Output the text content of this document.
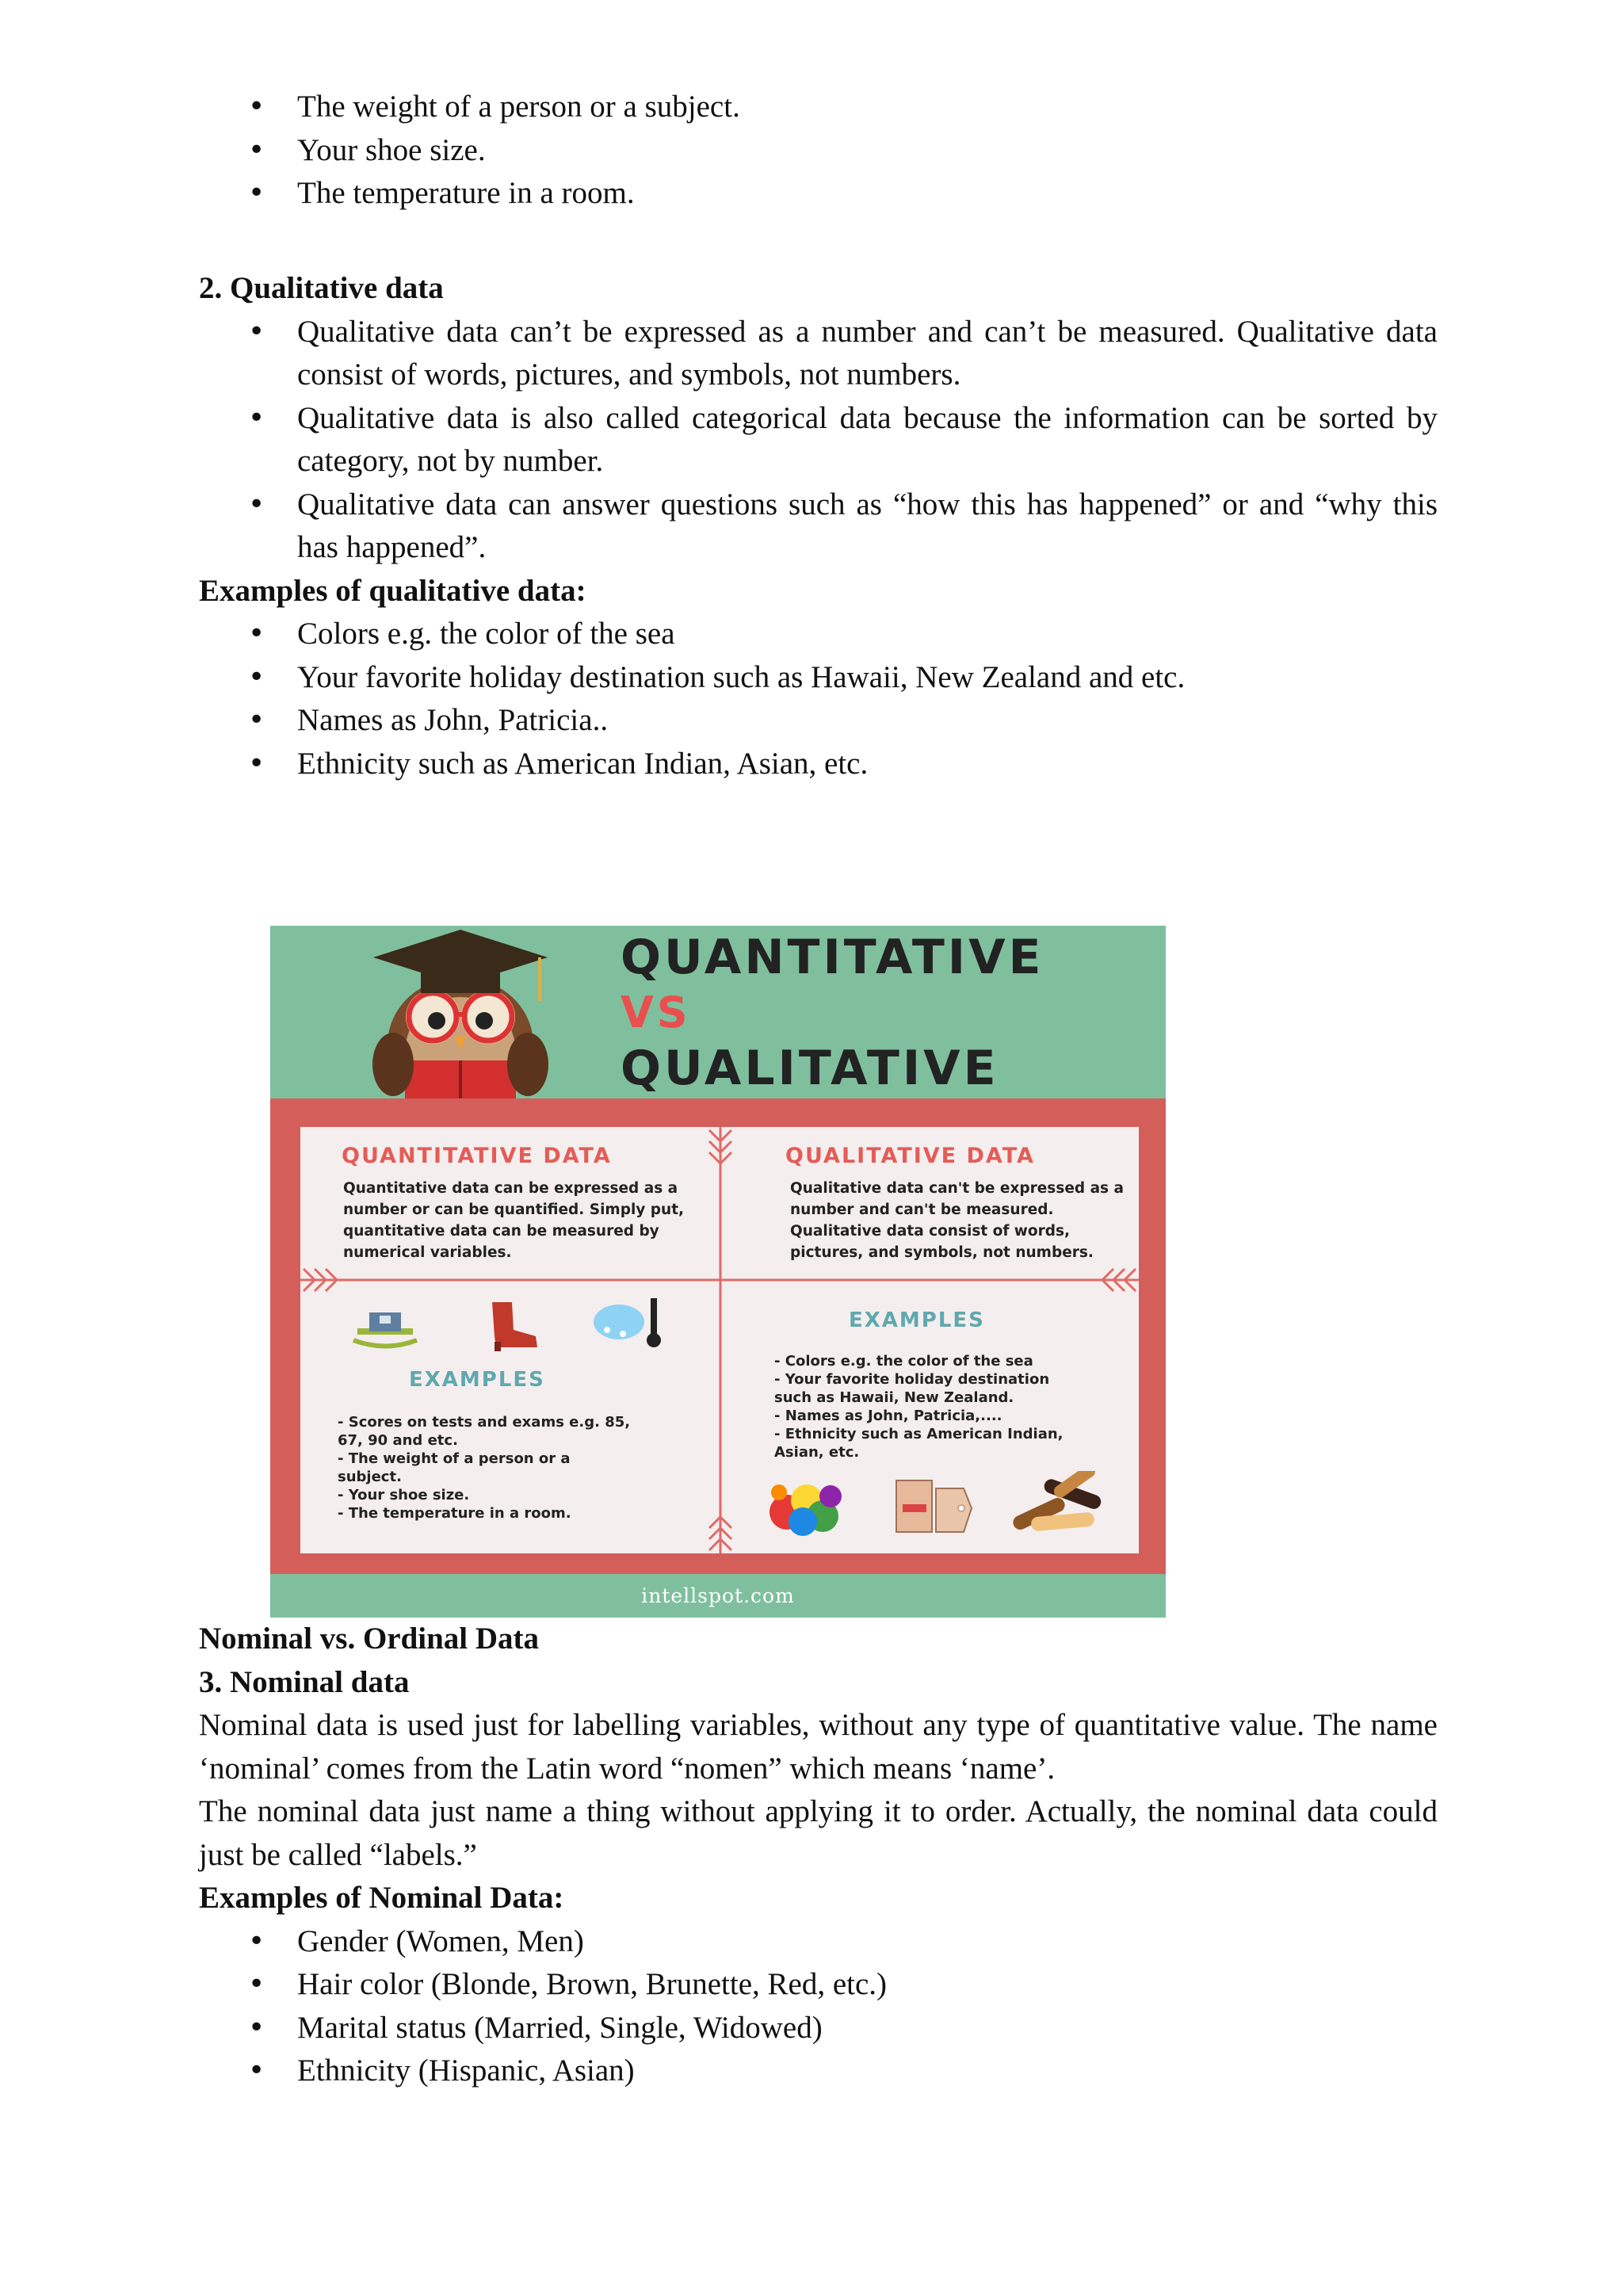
• The weight of a person or a subject.
• Your shoe size.
• The temperature in a room.

2. Qualitative data

• Qualitative data can’t be expressed as a number and can’t be measured. Qualitative data consist of words, pictures, and symbols, not numbers.
• Qualitative data is also called categorical data because the information can be sorted by category, not by number.
• Qualitative data can answer questions such as “how this has happened” or and “why this has happened”.

Examples of qualitative data:

• Colors e.g. the color of the sea
• Your favorite holiday destination such as Hawaii, New Zealand and etc.
• Names as John, Patricia..
• Ethnicity such as American Indian, Asian, etc.
QUANTITATIVE
VS
QUALITATIVE
QUANTITATIVE DATA
Quantitative data can be expressed as a number or can be quantified. Simply put, quantitative data can be measured by numerical variables.
EXAMPLES
- Scores on tests and exams e.g. 85,
67, 90 and etc.
- The weight of a person or a
subject.
- Your shoe size.
- The temperature in a room.
QUALITATIVE DATA
Qualitative data can't be expressed as a number and can't be measured. Qualitative data consist of words, pictures, and symbols, not numbers.
EXAMPLES
- Colors e.g. the color of the sea
- Your favorite holiday destination
such as Hawaii, New Zealand.
- Names as John, Patricia,....
- Ethnicity such as American Indian,
Asian, etc.
intellspot.com

Nominal vs. Ordinal Data

3. Nominal data

Nominal data is used just for labelling variables, without any type of quantitative value. The name ‘nominal’ comes from the Latin word “nomen” which means ‘name’.

The nominal data just name a thing without applying it to order. Actually, the nominal data could just be called “labels.”

Examples of Nominal Data:

• Gender (Women, Men)
• Hair color (Blonde, Brown, Brunette, Red, etc.)
• Marital status (Married, Single, Widowed)
• Ethnicity (Hispanic, Asian)
